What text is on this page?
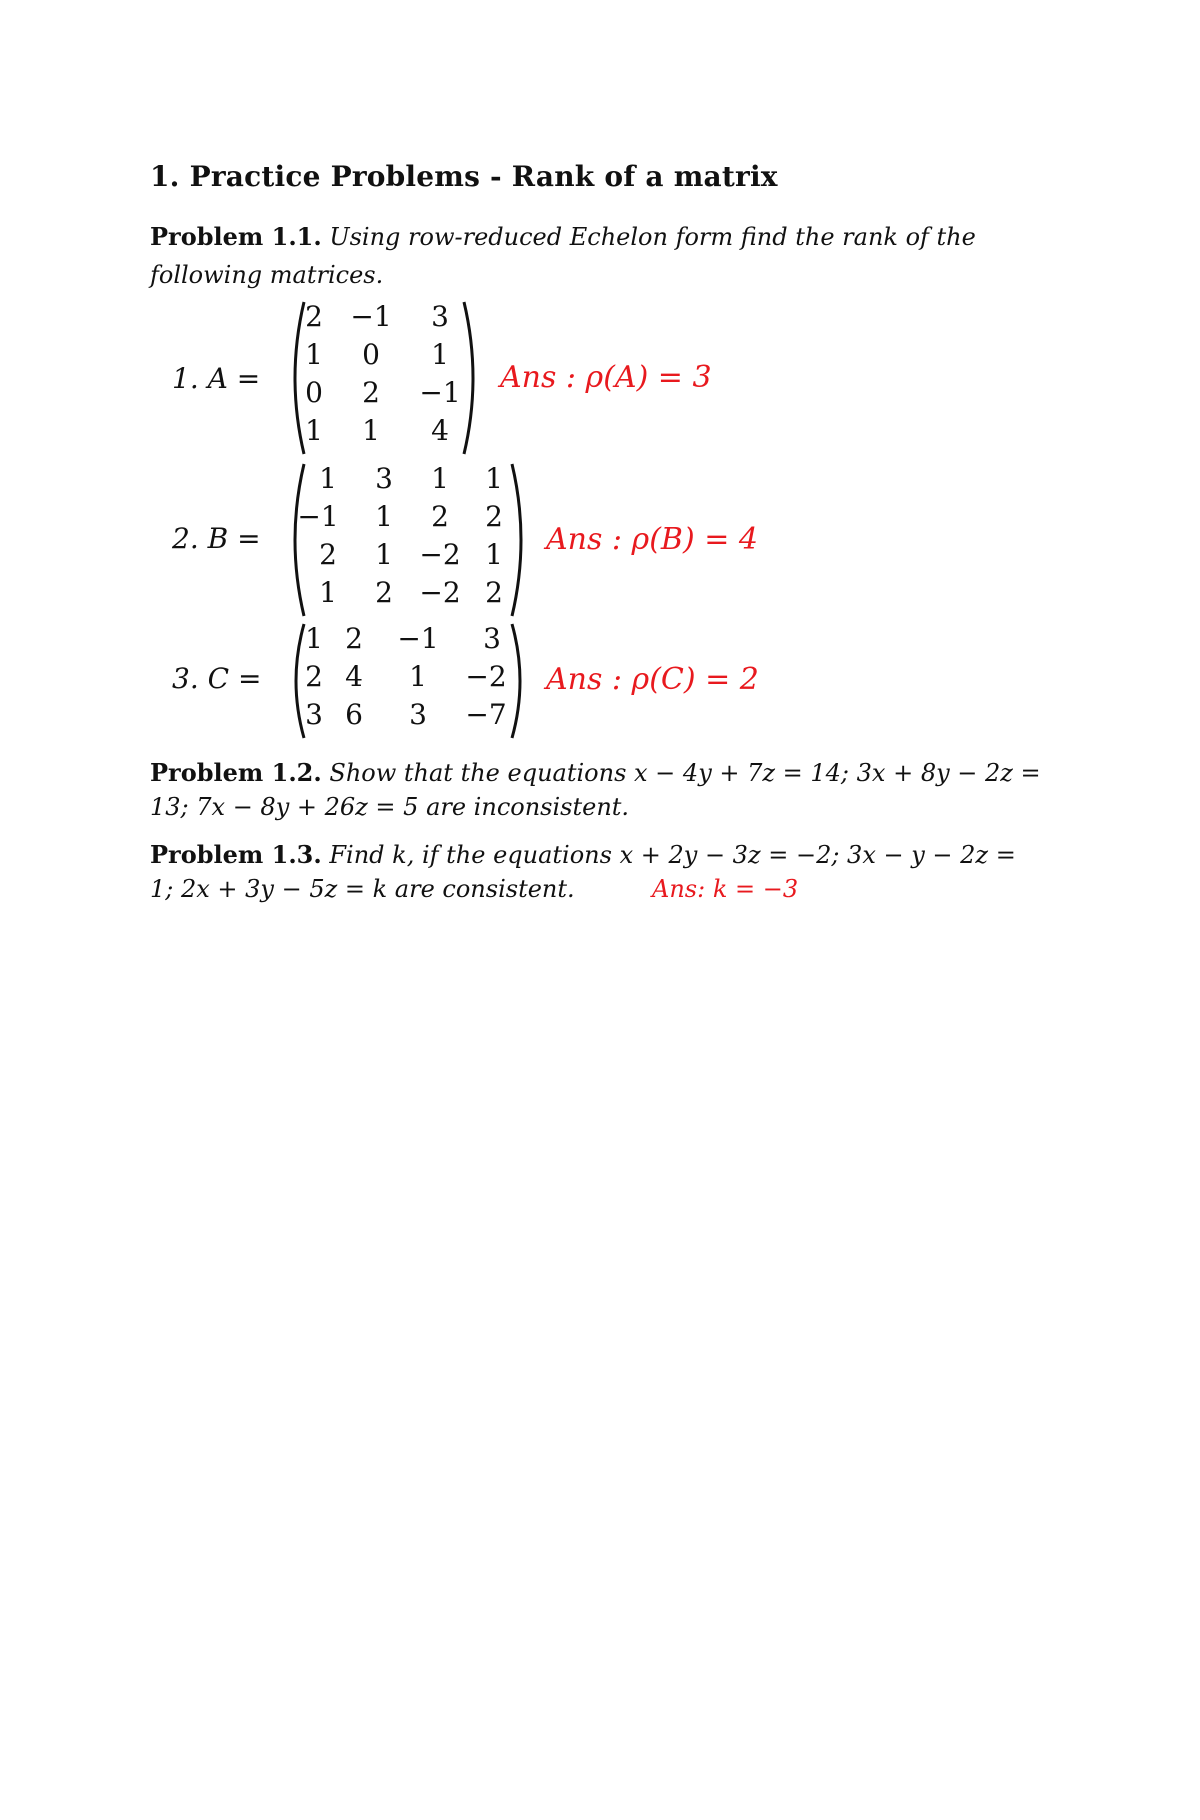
1. Practice Problems - Rank of a matrix
Problem 1.1. Using row-reduced Echelon form find the rank of the
following matrices.
1. A =
2 −1	3
1	0	1
0	2	−1
1	1	4
Ans : ρ(A) = 3
2. B =
1	3	1	1
−1	1	2	2
2	1 −2 1
1	2 −2 2
Ans : ρ(B) = 4
3. C =
1 2	−1	3
2 4	1	−2
3 6	3	−7
Ans : ρ(C) = 2
Problem 1.2. Show that the equations x − 4y + 7z = 14; 3x + 8y − 2z =
13; 7x − 8y + 26z = 5 are inconsistent.
Problem 1.3. Find k, if the equations x + 2y − 3z = −2; 3x − y − 2z =
1; 2x + 3y − 5z = k are consistent.	Ans: k = −3
